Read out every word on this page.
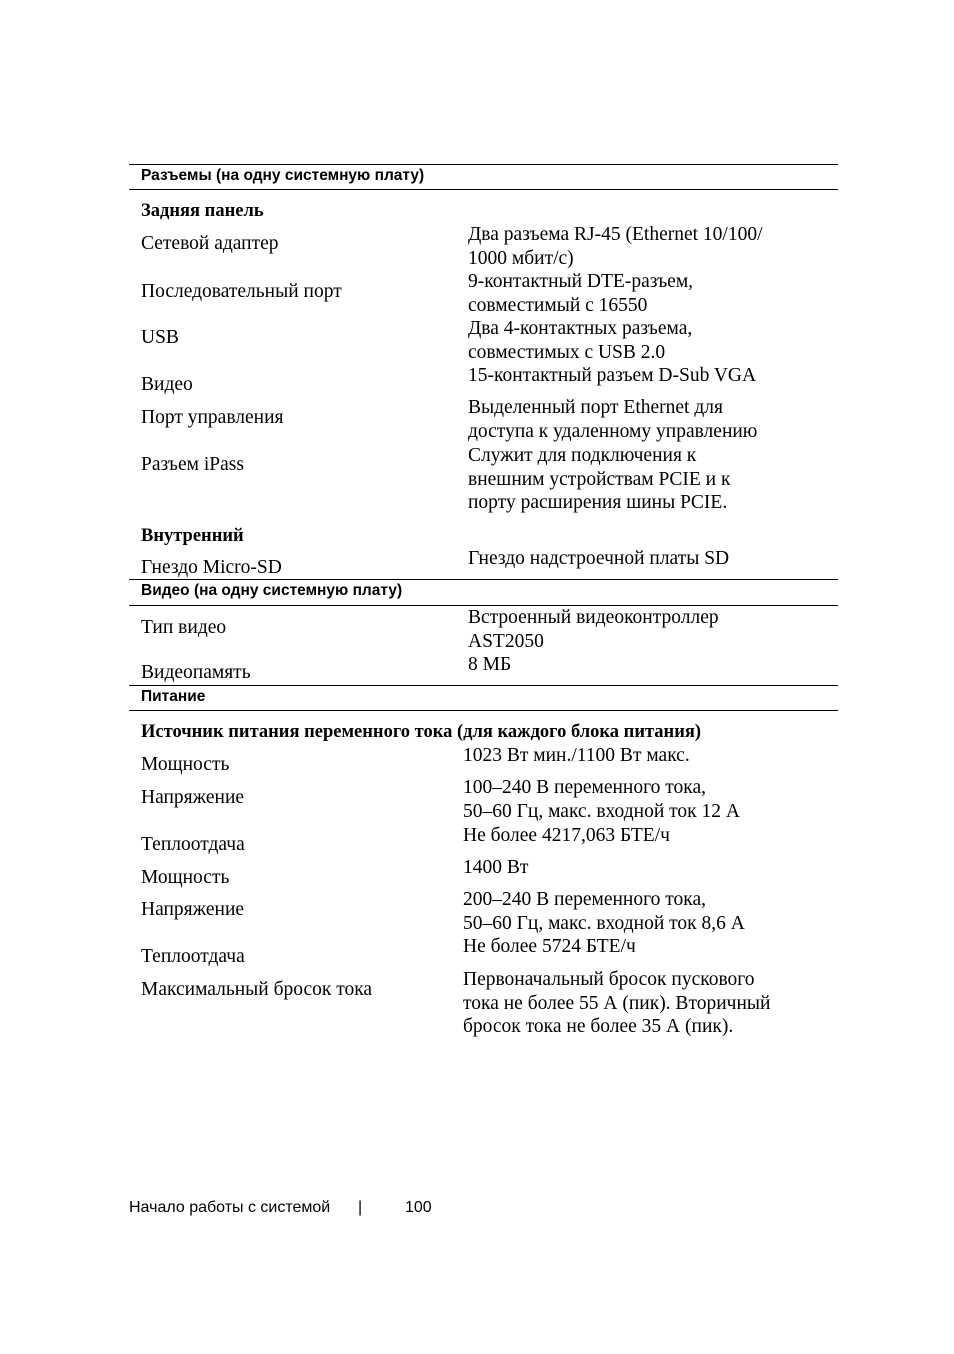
Разъемы (на одну системную плату)
Задняя панель
Сетевой адаптер	Два разъема RJ-45 (Ethernet 10/100/
1000 мбит/с)
Последовательный порт	9-контактный DTE-разъем,
совместимый с 16550
USB	Два 4-контактных разъема,
совместимых с USB 2.0
Видео	15-контактный разъем D-Sub VGA
Порт управления	Выделенный порт Ethernet для
доступа к удаленному управлению
Разъем iPass	Служит для подключения к
внешним устройствам PCIE и к
порту расширения шины PCIE.
Внутренний
Гнездо Micro-SD	Гнездо надстроечной платы SD
Видео (на одну системную плату)
Тип видео	Встроенный видеоконтроллер
AST2050
Видеопамять	8 МБ
Питание
Источник питания переменного тока (для каждого блока питания)
Мощность	1023 Вт мин./1100 Вт макс.
Напряжение	100–240 В переменного тока,
50–60 Гц, макс. входной ток 12 А
Теплоотдача	Не более 4217,063 БТЕ/ч
Мощность	1400 Вт
Напряжение	200–240 В переменного тока,
50–60 Гц, макс. входной ток 8,6 А
Теплоотдача	Не более 5724 БТЕ/ч
Максимальный бросок тока	Первоначальный бросок пускового
тока не более 55 А (пик). Вторичный
бросок тока не более 35 А (пик).
Начало работы с системой |	100
